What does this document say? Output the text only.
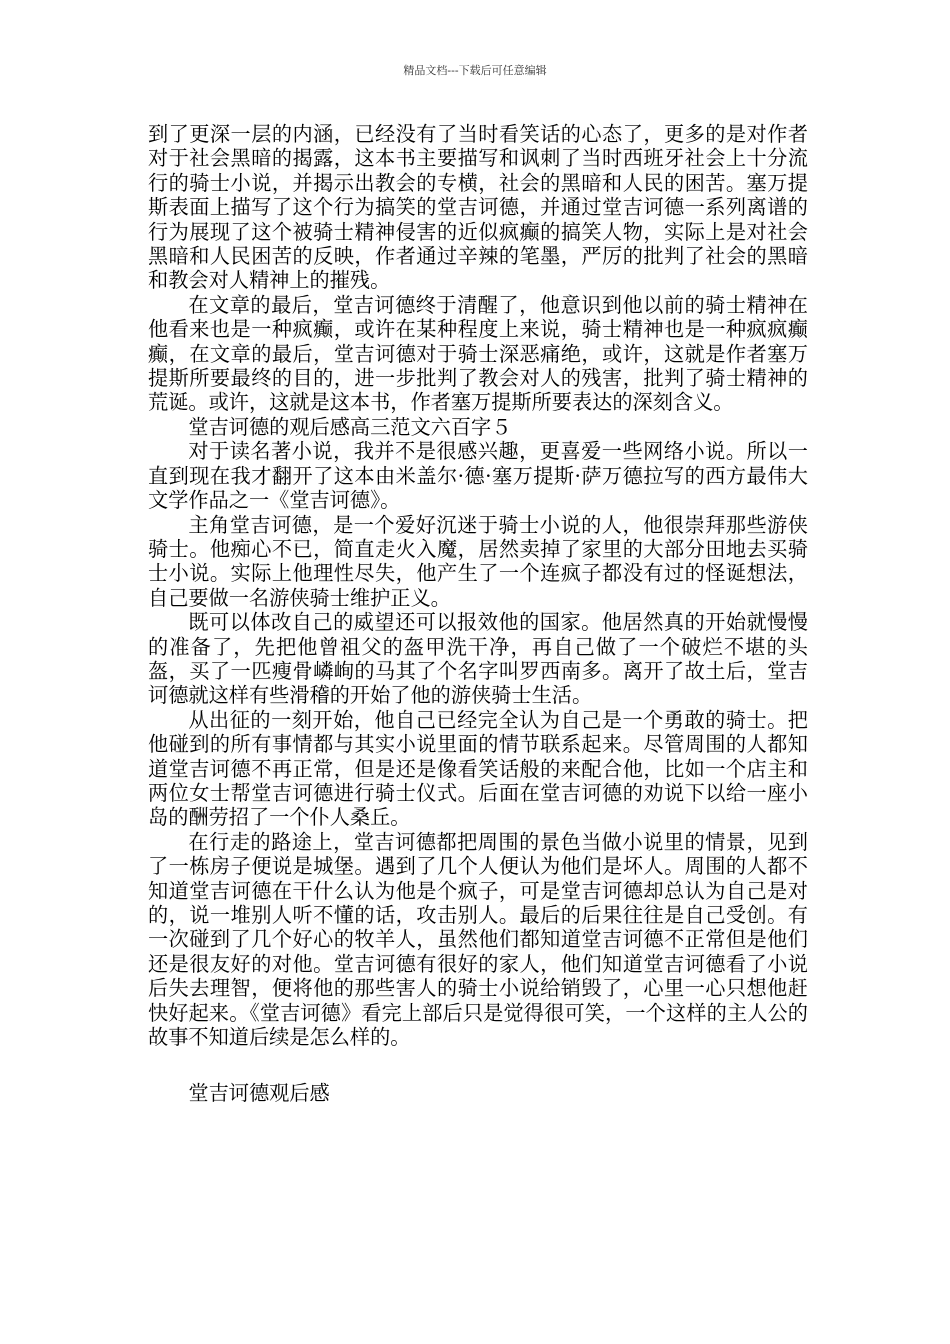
精品文档---下载后可任意编辑

到了更深一层的内涵，已经没有了当时看笑话的心态了，更多的是对作者对于社会黑暗的揭露，这本书主要描写和讽刺了当时西班牙社会上十分流行的骑士小说，并揭示出教会的专横，社会的黑暗和人民的困苦。塞万提斯表面上描写了这个行为搞笑的堂吉诃德，并通过堂吉诃德一系列离谱的行为展现了这个被骑士精神侵害的近似疯癫的搞笑人物，实际上是对社会黑暗和人民困苦的反映，作者通过辛辣的笔墨，严厉的批判了社会的黑暗和教会对人精神上的摧残。

在文章的最后，堂吉诃德终于清醒了，他意识到他以前的骑士精神在他看来也是一种疯癫，或许在某种程度上来说，骑士精神也是一种疯疯癫癫，在文章的最后，堂吉诃德对于骑士深恶痛绝，或许，这就是作者塞万提斯所要最终的目的，进一步批判了教会对人的残害，批判了骑士精神的荒诞。或许，这就是这本书，作者塞万提斯所要表达的深刻含义。

堂吉诃德的观后感高三范文六百字５

对于读名著小说，我并不是很感兴趣，更喜爱一些网络小说。所以一直到现在我才翻开了这本由米盖尔·德·塞万提斯·萨万德拉写的西方最伟大文学作品之一《堂吉诃德》。

主角堂吉诃德，是一个爱好沉迷于骑士小说的人，他很崇拜那些游侠骑士。他痴心不已，简直走火入魔，居然卖掉了家里的大部分田地去买骑士小说。实际上他理性尽失，他产生了一个连疯子都没有过的怪诞想法，自己要做一名游侠骑士维护正义。

既可以体改自己的威望还可以报效他的国家。他居然真的开始就慢慢的准备了，先把他曾祖父的盔甲洗干净，再自己做了一个破烂不堪的头盔，买了一匹瘦骨嶙峋的马其了个名字叫罗西南多。离开了故土后，堂吉诃德就这样有些滑稽的开始了他的游侠骑士生活。

从出征的一刻开始，他自己已经完全认为自己是一个勇敢的骑士。把他碰到的所有事情都与其实小说里面的情节联系起来。尽管周围的人都知道堂吉诃德不再正常，但是还是像看笑话般的来配合他，比如一个店主和两位女士帮堂吉诃德进行骑士仪式。后面在堂吉诃德的劝说下以给一座小岛的酬劳招了一个仆人桑丘。

在行走的路途上，堂吉诃德都把周围的景色当做小说里的情景，见到了一栋房子便说是城堡。遇到了几个人便认为他们是坏人。周围的人都不知道堂吉诃德在干什么认为他是个疯子，可是堂吉诃德却总认为自己是对的，说一堆别人听不懂的话，攻击别人。最后的后果往往是自己受创。有一次碰到了几个好心的牧羊人，虽然他们都知道堂吉诃德不正常但是他们还是很友好的对他。堂吉诃德有很好的家人，他们知道堂吉诃德看了小说后失去理智，便将他的那些害人的骑士小说给销毁了，心里一心只想他赶快好起来。《堂吉诃德》看完上部后只是觉得很可笑，一个这样的主人公的故事不知道后续是怎么样的。

堂吉诃德观后感
